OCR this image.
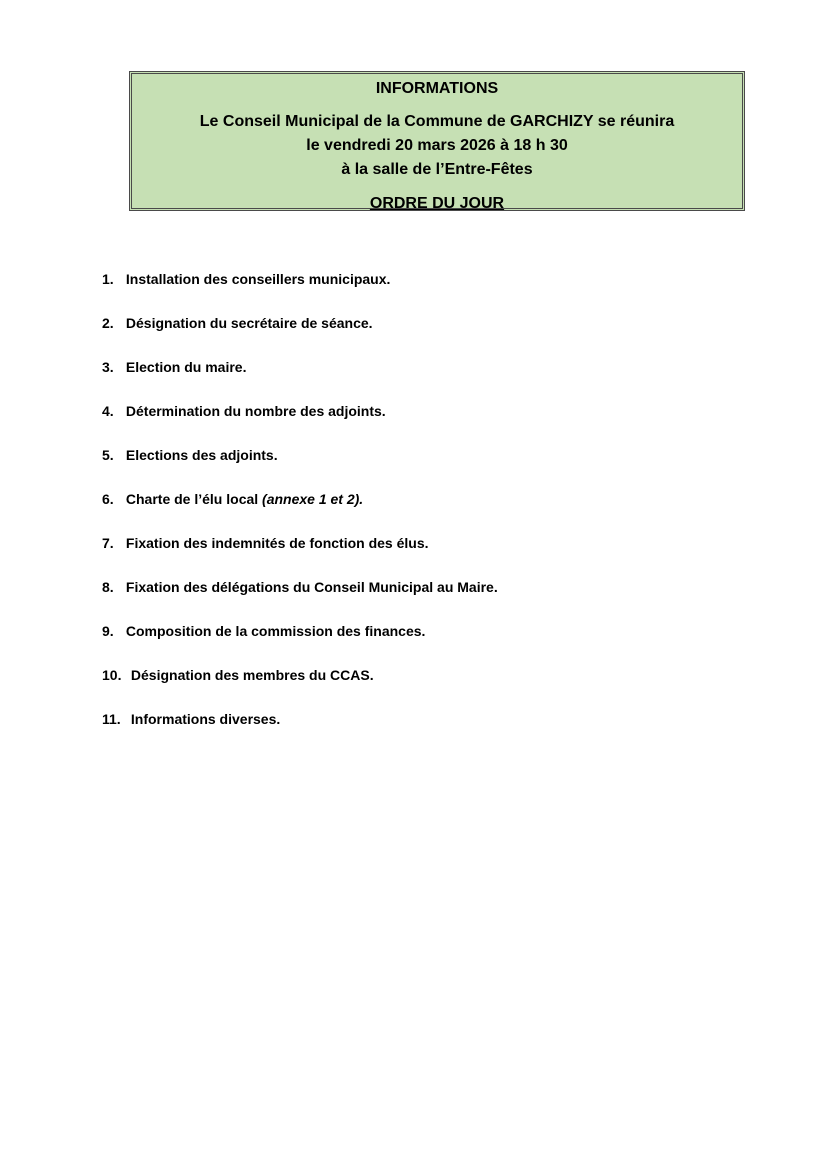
INFORMATIONS
Le Conseil Municipal de la Commune de GARCHIZY se réunira
le vendredi 20 mars 2026 à 18 h 30
à la salle de l’Entre-Fêtes
ORDRE DU JOUR
1. Installation des conseillers municipaux.
2. Désignation du secrétaire de séance.
3. Election du maire.
4. Détermination du nombre des adjoints.
5. Elections des adjoints.
6. Charte de l’élu local (annexe 1 et 2).
7. Fixation des indemnités de fonction des élus.
8. Fixation des délégations du Conseil Municipal au Maire.
9. Composition de la commission des finances.
10. Désignation des membres du CCAS.
11. Informations diverses.
